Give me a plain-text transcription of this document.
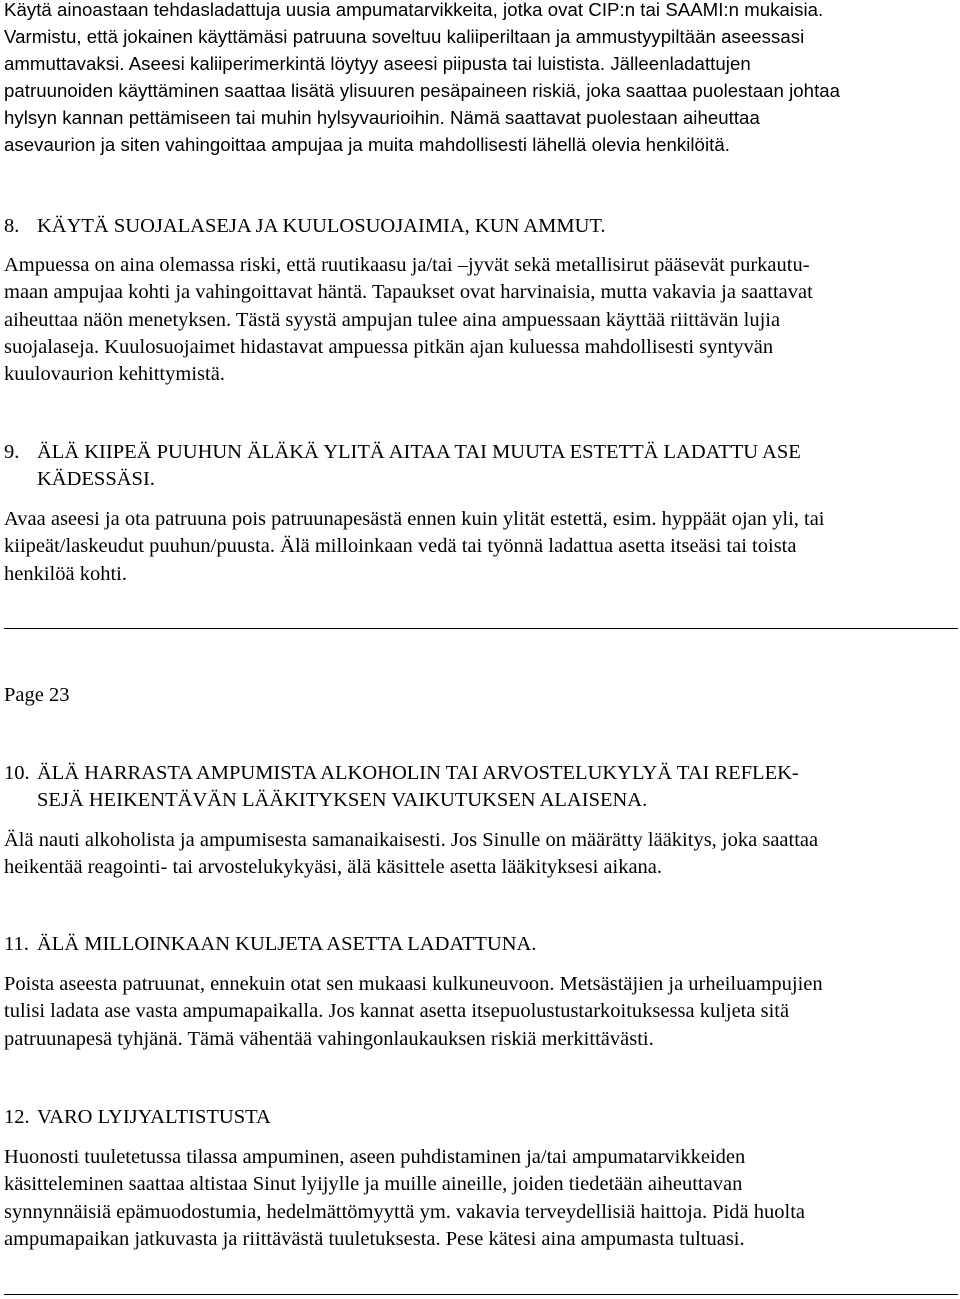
Käytä ainoastaan tehdasladattuja uusia ampumatarvikkeita, jotka ovat CIP:n tai SAAMI:n mukaisia.
Varmistu, että jokainen käyttämäsi patruuna soveltuu kaliiperiltaan ja ammustyypiltään aseessasi
ammuttavaksi. Aseesi kaliiperimerkintä löytyy aseesi piipusta tai luistista. Jälleenladattujen
patruunoiden käyttäminen saattaa lisätä ylisuuren pesäpaineen riskiä, joka saattaa puolestaan johtaa
hylsyn kannan pettämiseen tai muhin hylsyvaurioihin. Nämä saattavat puolestaan aiheuttaa
asevaurion ja siten vahingoittaa ampujaa ja muita mahdollisesti lähellä olevia henkilöitä.

8. KÄYTÄ SUOJALASEJA JA KUULOSUOJAIMIA, KUN AMMUT.

Ampuessa on aina olemassa riski, että ruutikaasu ja/tai –jyvät sekä metallisirut pääsevät purkautu-
maan ampujaa kohti ja vahingoittavat häntä. Tapaukset ovat harvinaisia, mutta vakavia ja saattavat
aiheuttaa näön menetyksen. Tästä syystä ampujan tulee aina ampuessaan käyttää riittävän lujia
suojalaseja. Kuulosuojaimet hidastavat ampuessa pitkän ajan kuluessa mahdollisesti syntyvän
kuulovaurion kehittymistä.

9. ÄLÄ KIIPEÄ PUUHUN ÄLÄKÄ YLITÄ AITAA TAI MUUTA ESTETTÄ LADATTU ASE
KÄDESSÄSI.

Avaa aseesi ja ota patruuna pois patruunapesästä ennen kuin ylität estettä, esim. hyppäät ojan yli, tai
kiipeät/laskeudut puuhun/puusta. Älä milloinkaan vedä tai työnnä ladattua asetta itseäsi tai toista
henkilöä kohti.

Page 23

10. ÄLÄ HARRASTA AMPUMISTA ALKOHOLIN TAI ARVOSTELUKYLYÄ TAI REFLEK-
SEJÄ HEIKENTÄVÄN LÄÄKITYKSEN VAIKUTUKSEN ALAISENA.

Älä nauti alkoholista ja ampumisesta samanaikaisesti. Jos Sinulle on määrätty lääkitys, joka saattaa
heikentää reagointi- tai arvostelukykyäsi, älä käsittele asetta lääkityksesi aikana.

11. ÄLÄ MILLOINKAAN KULJETA ASETTA LADATTUNA.

Poista aseesta patruunat, ennekuin otat sen mukaasi kulkuneuvoon. Metsästäjien ja urheiluampujien
tulisi ladata ase vasta ampumapaikalla. Jos kannat asetta itsepuolustustarkoituksessa kuljeta sitä
patruunapesä tyhjänä. Tämä vähentää vahingonlaukauksen riskiä merkittävästi.

12. VARO LYIJYALTISTUSTA

Huonosti tuuletetussa tilassa ampuminen, aseen puhdistaminen ja/tai ampumatarvikkeiden
käsitteleminen saattaa altistaa Sinut lyijylle ja muille aineille, joiden tiedetään aiheuttavan
synnynnäisiä epämuodostumia, hedelmättömyyttä ym. vakavia terveydellisiä haittoja. Pidä huolta
ampumapaikan jatkuvasta ja riittävästä tuuletuksesta. Pese kätesi aina ampumasta tultuasi.
